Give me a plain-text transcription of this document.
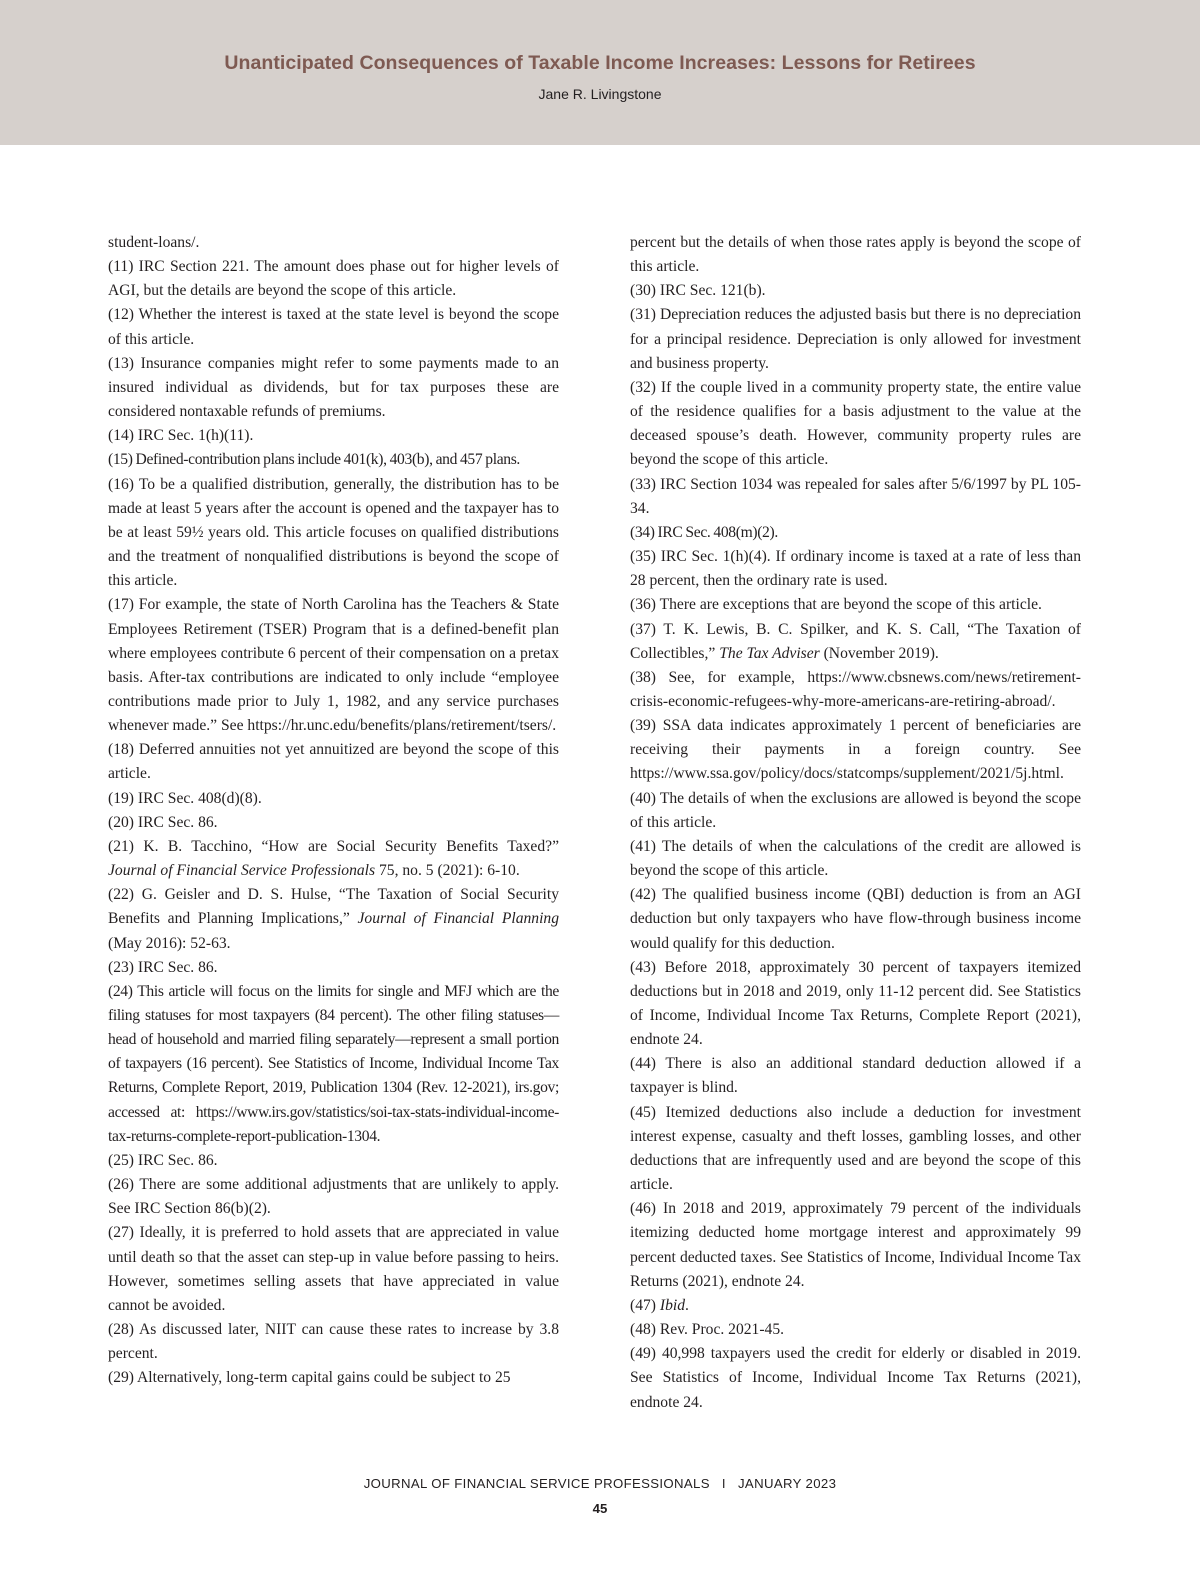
Unanticipated Consequences of Taxable Income Increases: Lessons for Retirees
Jane R. Livingstone

student-loans/.

(11) IRC Section 221. The amount does phase out for higher levels of AGI, but the details are beyond the scope of this article.

(12) Whether the interest is taxed at the state level is beyond the scope of this article.

(13) Insurance companies might refer to some payments made to an insured individual as dividends, but for tax purposes these are considered nontaxable refunds of premiums.

(14) IRC Sec. 1(h)(11).

(15) Defined-contribution plans include 401(k), 403(b), and 457 plans.

(16) To be a qualified distribution, generally, the distribution has to be made at least 5 years after the account is opened and the taxpayer has to be at least 59½ years old. This article focuses on qualified distributions and the treatment of nonqualified distributions is beyond the scope of this article.

(17) For example, the state of North Carolina has the Teachers & State Employees Retirement (TSER) Program that is a defined-benefit plan where employees contribute 6 percent of their compensation on a pretax basis. After-tax contributions are indicated to only include “employee contributions made prior to July 1, 1982, and any service purchases whenever made.” See https://hr.unc.edu/benefits/plans/retirement/tsers/.

(18) Deferred annuities not yet annuitized are beyond the scope of this article.

(19) IRC Sec. 408(d)(8).

(20) IRC Sec. 86.

(21) K. B. Tacchino, “How are Social Security Benefits Taxed?” Journal of Financial Service Professionals 75, no. 5 (2021): 6-10.

(22) G. Geisler and D. S. Hulse, “The Taxation of Social Security Benefits and Planning Implications,” Journal of Financial Planning (May 2016): 52-63.

(23) IRC Sec. 86.

(24) This article will focus on the limits for single and MFJ which are the filing statuses for most taxpayers (84 percent). The other filing statuses—head of household and married filing separately—represent a small portion of taxpayers (16 percent). See Statistics of Income, Individual Income Tax Returns, Complete Report, 2019, Publication 1304 (Rev. 12-2021), irs.gov; accessed at: https://www.irs.gov/statistics/soi-tax-stats-individual-income-tax-returns-complete-report-publication-1304.

(25) IRC Sec. 86.

(26) There are some additional adjustments that are unlikely to apply. See IRC Section 86(b)(2).

(27) Ideally, it is preferred to hold assets that are appreciated in value until death so that the asset can step-up in value before passing to heirs. However, sometimes selling assets that have appreciated in value cannot be avoided.

(28) As discussed later, NIIT can cause these rates to increase by 3.8 percent.

(29) Alternatively, long-term capital gains could be subject to 25

percent but the details of when those rates apply is beyond the scope of this article.

(30) IRC Sec. 121(b).

(31) Depreciation reduces the adjusted basis but there is no depreciation for a principal residence. Depreciation is only allowed for investment and business property.

(32) If the couple lived in a community property state, the entire value of the residence qualifies for a basis adjustment to the value at the deceased spouse’s death. However, community property rules are beyond the scope of this article.

(33) IRC Section 1034 was repealed for sales after 5/6/1997 by PL 105-34.

(34) IRC Sec. 408(m)(2).

(35) IRC Sec. 1(h)(4). If ordinary income is taxed at a rate of less than 28 percent, then the ordinary rate is used.

(36) There are exceptions that are beyond the scope of this article.

(37) T. K. Lewis, B. C. Spilker, and K. S. Call, “The Taxation of Collectibles,” The Tax Adviser (November 2019).

(38) See, for example, https://www.cbsnews.com/news/retirement-crisis-economic-refugees-why-more-americans-are-retiring-abroad/.

(39) SSA data indicates approximately 1 percent of beneficiaries are receiving their payments in a foreign country. See https://www.ssa.gov/policy/docs/statcomps/supplement/2021/5j.html.

(40) The details of when the exclusions are allowed is beyond the scope of this article.

(41) The details of when the calculations of the credit are allowed is beyond the scope of this article.

(42) The qualified business income (QBI) deduction is from an AGI deduction but only taxpayers who have flow-through business income would qualify for this deduction.

(43) Before 2018, approximately 30 percent of taxpayers itemized deductions but in 2018 and 2019, only 11-12 percent did. See Statistics of Income, Individual Income Tax Returns, Complete Report (2021), endnote 24.

(44) There is also an additional standard deduction allowed if a taxpayer is blind.

(45) Itemized deductions also include a deduction for investment interest expense, casualty and theft losses, gambling losses, and other deductions that are infrequently used and are beyond the scope of this article.

(46) In 2018 and 2019, approximately 79 percent of the individuals itemizing deducted home mortgage interest and approximately 99 percent deducted taxes. See Statistics of Income, Individual Income Tax Returns (2021), endnote 24.

(47) Ibid.

(48) Rev. Proc. 2021-45.

(49) 40,998 taxpayers used the credit for elderly or disabled in 2019. See Statistics of Income, Individual Income Tax Returns (2021), endnote 24.

JOURNAL OF FINANCIAL SERVICE PROFESSIONALS   I   JANUARY 2023
45
